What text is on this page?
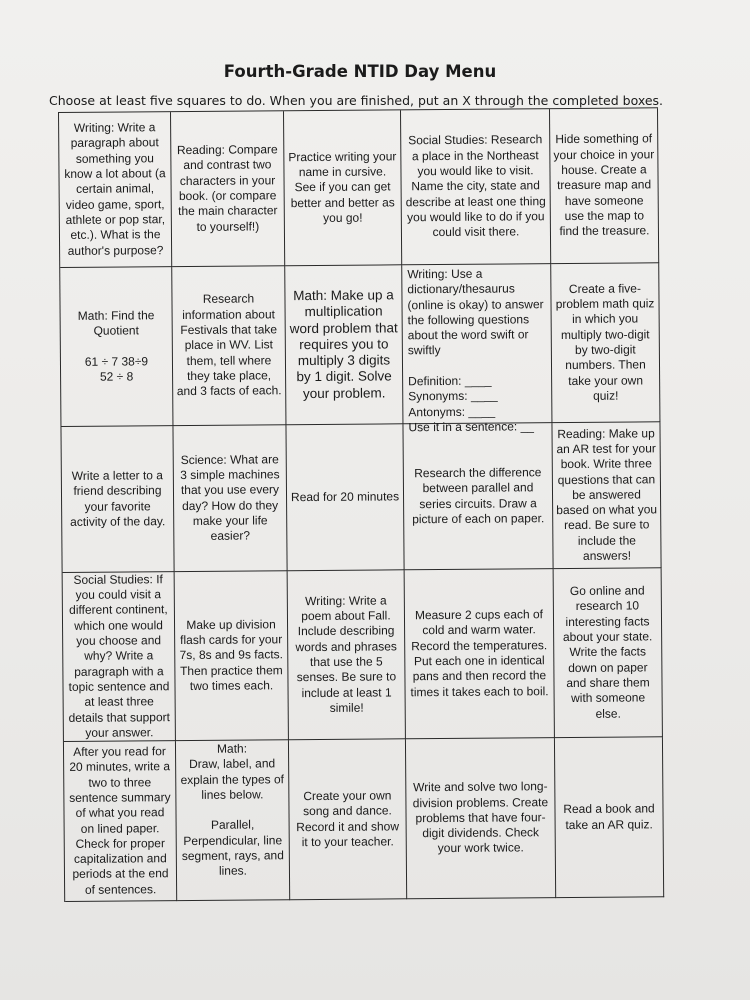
Fourth-Grade NTID Day Menu
Choose at least five squares to do. When you are finished, put an X through the completed boxes.
Writing: Write a paragraph about something you know a lot about (a certain animal, video game, sport, athlete or pop star, etc.). What is the author's purpose?
Reading: Compare and contrast two characters in your book. (or compare the main character to yourself!)
Practice writing your name in cursive. See if you can get better and better as you go!
Social Studies: Research a place in the Northeast you would like to visit. Name the city, state and describe at least one thing you would like to do if you could visit there.
Hide something of your choice in your house. Create a treasure map and have someone use the map to find the treasure.
Math: Find the Quotient

61 ÷ 7 38÷9
52 ÷ 8
Research information about Festivals that take place in WV. List them, tell where they take place, and 3 facts of each.
Math: Make up a multiplication word problem that requires you to multiply 3 digits by 1 digit. Solve your problem.
Writing: Use a dictionary/thesaurus (online is okay) to answer the following questions about the word swift or swiftly

Definition: ____
Synonyms: ____
Antonyms: ____
Use it in a sentence: __
Create a five-problem math quiz in which you multiply two-digit by two-digit numbers. Then take your own quiz!
Write a letter to a friend describing your favorite activity of the day.
Science: What are 3 simple machines that you use every day? How do they make your life easier?
Read for 20 minutes
Research the difference between parallel and series circuits. Draw a picture of each on paper.
Reading: Make up an AR test for your book. Write three questions that can be answered based on what you read. Be sure to include the answers!
Social Studies: If you could visit a different continent, which one would you choose and why? Write a paragraph with a topic sentence and at least three details that support your answer.
Make up division flash cards for your 7s, 8s and 9s facts. Then practice them two times each.
Writing: Write a poem about Fall. Include describing words and phrases that use the 5 senses. Be sure to include at least 1 simile!
Measure 2 cups each of cold and warm water. Record the temperatures. Put each one in identical pans and then record the times it takes each to boil.
Go online and research 10 interesting facts about your state. Write the facts down on paper and share them with someone else.
After you read for 20 minutes, write a two to three sentence summary of what you read on lined paper. Check for proper capitalization and periods at the end of sentences.
Math:
Draw, label, and explain the types of lines below.

Parallel, Perpendicular, line segment, rays, and lines.
Create your own song and dance. Record it and show it to your teacher.
Write and solve two long-division problems. Create problems that have four-digit dividends. Check your work twice.
Read a book and take an AR quiz.
